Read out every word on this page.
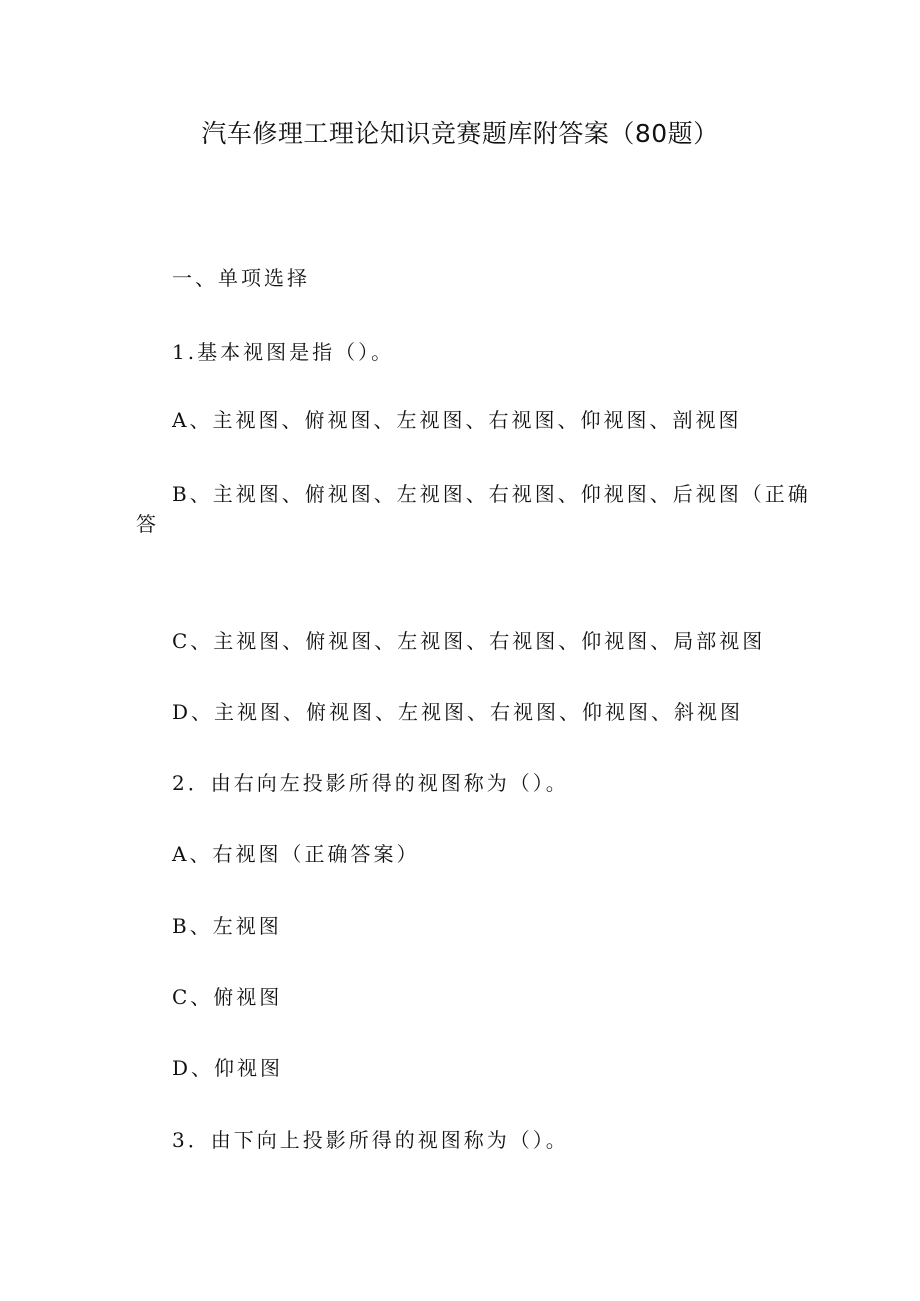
汽车修理工理论知识竞赛题库附答案（80题）

一、单项选择

1.基本视图是指（）。

A、主视图、俯视图、左视图、右视图、仰视图、剖视图

B、主视图、俯视图、左视图、右视图、仰视图、后视图（正确

答

C、主视图、俯视图、左视图、右视图、仰视图、局部视图

D、主视图、俯视图、左视图、右视图、仰视图、斜视图

2．由右向左投影所得的视图称为（）。

A、右视图（正确答案）

B、左视图

C、俯视图

D、仰视图

3．由下向上投影所得的视图称为（）。
